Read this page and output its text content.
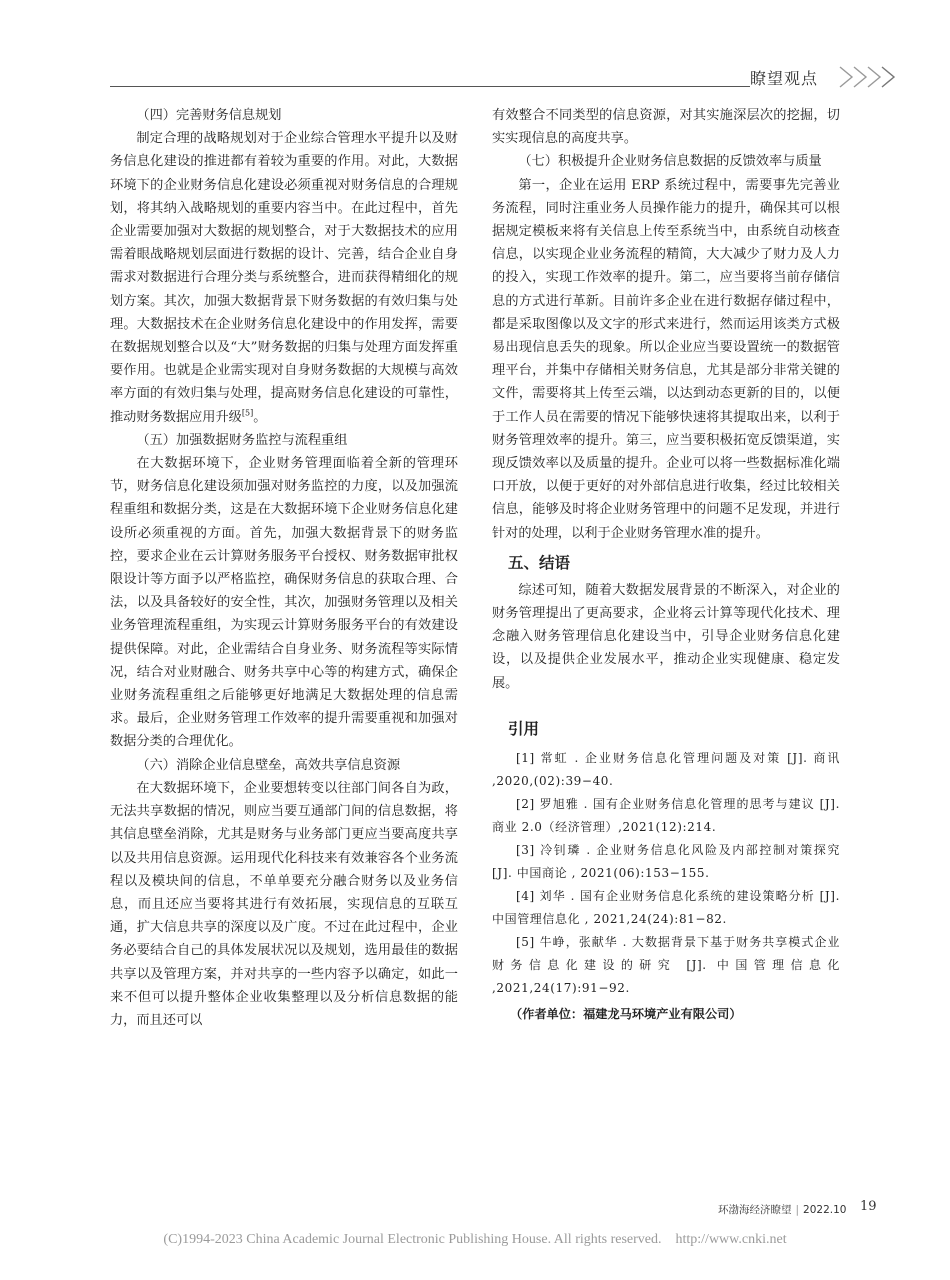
瞭望观点
（四）完善财务信息规划

制定合理的战略规划对于企业综合管理水平提升以及财务信息化建设的推进都有着较为重要的作用。对此，大数据环境下的企业财务信息化建设必须重视对财务信息的合理规划，将其纳入战略规划的重要内容当中。在此过程中，首先企业需要加强对大数据的规划整合，对于大数据技术的应用需着眼战略规划层面进行数据的设计、完善，结合企业自身需求对数据进行合理分类与系统整合，进而获得精细化的规划方案。其次，加强大数据背景下财务数据的有效归集与处理。大数据技术在企业财务信息化建设中的作用发挥，需要在数据规划整合以及“大”财务数据的归集与处理方面发挥重要作用。也就是企业需实现对自身财务数据的大规模与高效率方面的有效归集与处理，提高财务信息化建设的可靠性，推动财务数据应用升级[5]。

（五）加强数据财务监控与流程重组

在大数据环境下，企业财务管理面临着全新的管理环节，财务信息化建设须加强对财务监控的力度，以及加强流程重组和数据分类，这是在大数据环境下企业财务信息化建设所必须重视的方面。首先，加强大数据背景下的财务监控，要求企业在云计算财务服务平台授权、财务数据审批权限设计等方面予以严格监控，确保财务信息的获取合理、合法，以及具备较好的安全性，其次，加强财务管理以及相关业务管理流程重组，为实现云计算财务服务平台的有效建设提供保障。对此，企业需结合自身业务、财务流程等实际情况，结合对业财融合、财务共享中心等的构建方式，确保企业财务流程重组之后能够更好地满足大数据处理的信息需求。最后，企业财务管理工作效率的提升需要重视和加强对数据分类的合理优化。

（六）消除企业信息壁垒，高效共享信息资源

在大数据环境下，企业要想转变以往部门间各自为政，无法共享数据的情况，则应当要互通部门间的信息数据，将其信息壁垒消除，尤其是财务与业务部门更应当要高度共享以及共用信息资源。运用现代化科技来有效兼容各个业务流程以及模块间的信息，不单单要充分融合财务以及业务信息，而且还应当要将其进行有效拓展，实现信息的互联互通，扩大信息共享的深度以及广度。不过在此过程中，企业务必要结合自己的具体发展状况以及规划，选用最佳的数据共享以及管理方案，并对共享的一些内容予以确定，如此一来不但可以提升整体企业收集整理以及分析信息数据的能力，而且还可以

有效整合不同类型的信息资源，对其实施深层次的挖掘，切实实现信息的高度共享。

（七）积极提升企业财务信息数据的反馈效率与质量

第一，企业在运用 ERP 系统过程中，需要事先完善业务流程，同时注重业务人员操作能力的提升，确保其可以根据规定模板来将有关信息上传至系统当中，由系统自动核查信息，以实现企业业务流程的精简，大大减少了财力及人力的投入，实现工作效率的提升。第二，应当要将当前存储信息的方式进行革新。目前许多企业在进行数据存储过程中，都是采取图像以及文字的形式来进行，然而运用该类方式极易出现信息丢失的现象。所以企业应当要设置统一的数据管理平台，并集中存储相关财务信息，尤其是部分非常关键的文件，需要将其上传至云端，以达到动态更新的目的，以便于工作人员在需要的情况下能够快速将其提取出来，以利于财务管理效率的提升。第三，应当要积极拓宽反馈渠道，实现反馈效率以及质量的提升。企业可以将一些数据标准化端口开放，以便于更好的对外部信息进行收集，经过比较相关信息，能够及时将企业财务管理中的问题不足发现，并进行针对的处理，以利于企业财务管理水准的提升。

五、结语

综述可知，随着大数据发展背景的不断深入，对企业的财务管理提出了更高要求，企业将云计算等现代化技术、理念融入财务管理信息化建设当中，引导企业财务信息化建设，以及提供企业发展水平，推动企业实现健康、稳定发展。

引用

[1] 常虹 . 企业财务信息化管理问题及对策 [J]. 商讯 ,2020,(02):39−40.

[2] 罗旭雅 . 国有企业财务信息化管理的思考与建议 [J]. 商业 2.0（经济管理）,2021(12):214.

[3] 冷钊璘 . 企业财务信息化风险及内部控制对策探究 [J]. 中国商论 , 2021(06):153−155.

[4] 刘华 . 国有企业财务信息化系统的建设策略分析 [J]. 中国管理信息化 , 2021,24(24):81−82.

[5] 牛峥，张献华 . 大数据背景下基于财务共享模式企业财务信息化建设的研究 [J]. 中国管理信息化 ,2021,24(17):91−92.

（作者单位：福建龙马环境产业有限公司）
环渤海经济瞭望 | 2022.10 19
(C)1994-2023 China Academic Journal Electronic Publishing House. All rights reserved. http://www.cnki.net
